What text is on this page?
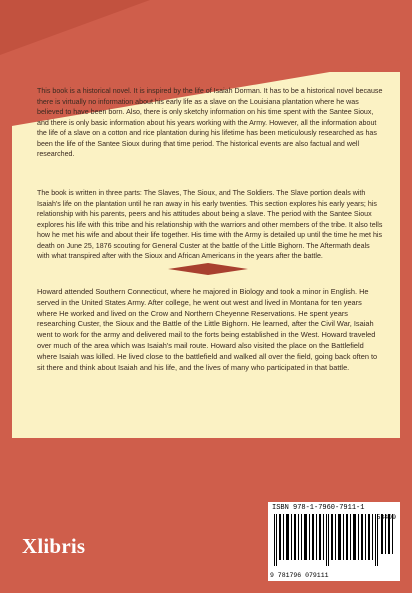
This book is a historical novel. It is inspired by the life of Isaiah Dorman. It has to be a historical novel because there is virtually no information about his early life as a slave on the Louisiana plantation where he was believed to have been born. Also, there is only sketchy information on his time spent with the Santee Sioux, and there is only basic information about his years working with the Army. However, all the information about the life of a slave on a cotton and rice plantation during his lifetime has been meticulously researched as has been the life of the Santee Sioux during that time period. The historical events are also factual and well researched.

The book is written in three parts: The Slaves, The Sioux, and The Soldiers. The Slave portion deals with Isaiah's life on the plantation until he ran away in his early twenties. This section explores his early years; his relationship with his parents, peers and his attitudes about being a slave. The period with the Santee Sioux explores his life with this tribe and his relationship with the warriors and other members of the tribe. It also tells how he met his wife and about their life together. His time with the Army is detailed up until the time he met his death on June 25, 1876 scouting for General Custer at the battle of the Little Bighorn. The Aftermath deals with what transpired after with the Sioux and African Americans in the years after the battle.

Howard attended Southern Connecticut, where he majored in Biology and took a minor in English. He served in the United States Army. After college, he went out west and lived in Montana for ten years where He worked and lived on the Crow and Northern Cheyenne Reservations. He spent years researching Custer, the Sioux and the Battle of the Little Bighorn. He learned, after the Civil War, Isaiah went to work for the army and delivered mail to the forts being established in the West. Howard traveled over much of the area which was Isaiah's mail route. Howard also visited the place on the Battlefield where Isaiah was killed. He lived close to the battlefield and walked all over the field, going back often to sit there and think about Isaiah and his life, and the lives of many who participated in that battle.

Xlibris
ISBN 978-1-7960-7911-1
53499
9 781796 079111
